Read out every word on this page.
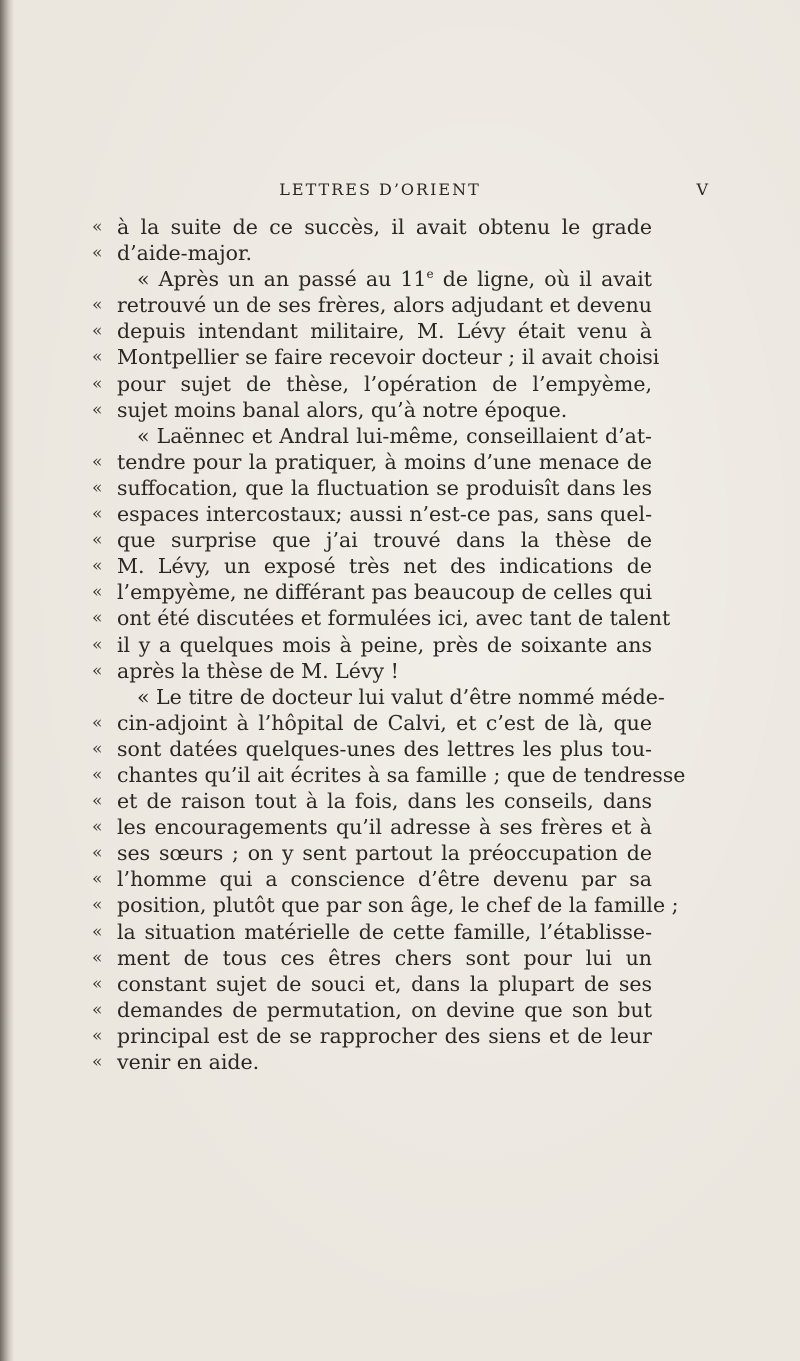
LETTRES D’ORIENT	V
« à la suite de ce succès, il avait obtenu le grade
« d’aide-major.
« Après un an passé au 11e de ligne, où il avait
« retrouvé un de ses frères, alors adjudant et devenu
« depuis intendant militaire, M. Lévy était venu à
« Montpellier se faire recevoir docteur ; il avait choisi
« pour sujet de thèse, l’opération de l’empyème,
« sujet moins banal alors, qu’à notre époque.
« Laënnec et Andral lui-même, conseillaient d’at-
« tendre pour la pratiquer, à moins d’une menace de
« suffocation, que la fluctuation se produisît dans les
« espaces intercostaux; aussi n’est-ce pas, sans quel-
« que surprise que j’ai trouvé dans la thèse de
« M. Lévy, un exposé très net des indications de
« l’empyème, ne différant pas beaucoup de celles qui
« ont été discutées et formulées ici, avec tant de talent
« il y a quelques mois à peine, près de soixante ans
« après la thèse de M. Lévy !
« Le titre de docteur lui valut d’être nommé méde-
« cin-adjoint à l’hôpital de Calvi, et c’est de là, que
« sont datées quelques-unes des lettres les plus tou-
« chantes qu’il ait écrites à sa famille ; que de tendresse
« et de raison tout à la fois, dans les conseils, dans
« les encouragements qu’il adresse à ses frères et à
« ses sœurs ; on y sent partout la préoccupation de
« l’homme qui a conscience d’être devenu par sa
« position, plutôt que par son âge, le chef de la famille ;
« la situation matérielle de cette famille, l’établisse-
« ment de tous ces êtres chers sont pour lui un
« constant sujet de souci et, dans la plupart de ses
« demandes de permutation, on devine que son but
« principal est de se rapprocher des siens et de leur
« venir en aide.
